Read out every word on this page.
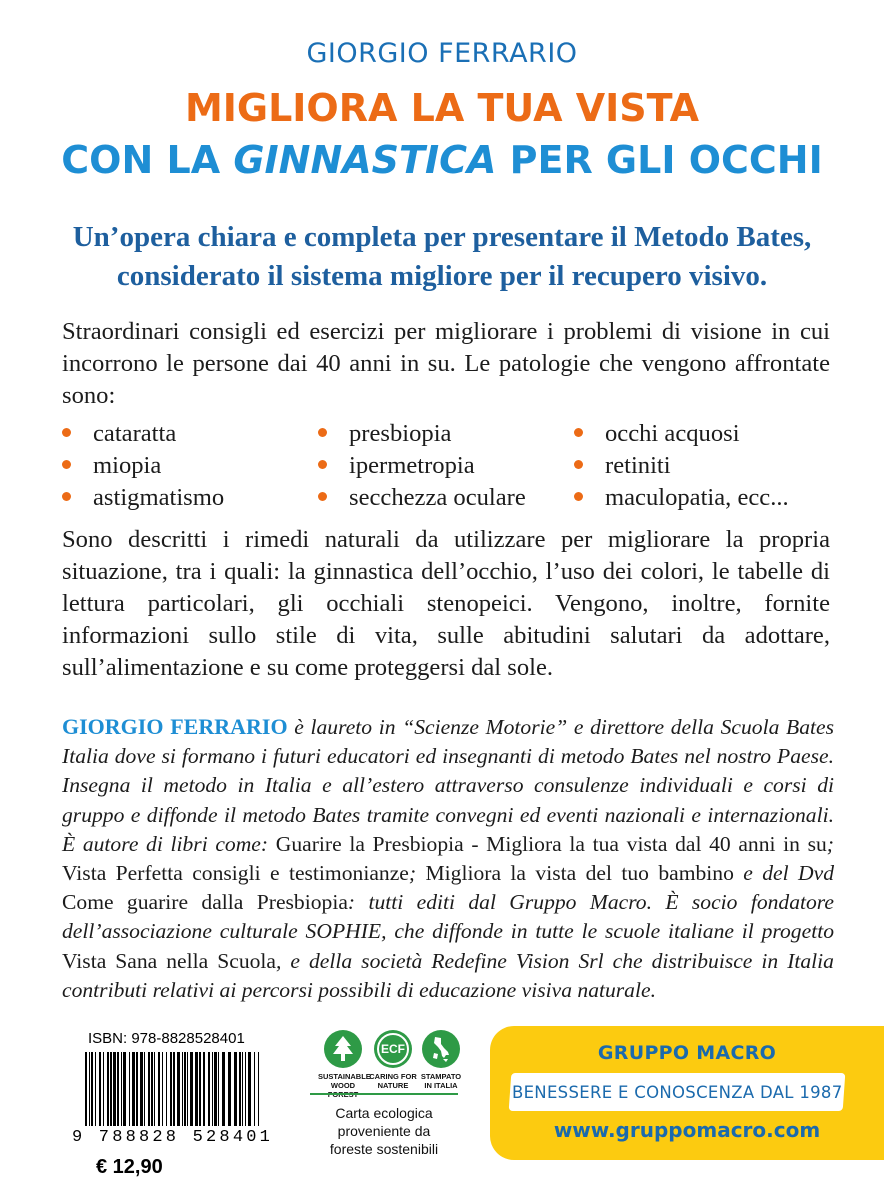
GIORGIO FERRARIO
MIGLIORA LA TUA VISTA
CON LA GINNASTICA PER GLI OCCHI
Un’opera chiara e completa per presentare il Metodo Bates,
considerato il sistema migliore per il recupero visivo.
Straordinari consigli ed esercizi per migliorare i problemi di visione in cui incorrono le persone dai 40 anni in su. Le patologie che vengono affrontate sono:
cataratta
miopia
astigmatismo
presbiopia
ipermetropia
secchezza oculare
occhi acquosi
retiniti
maculopatia, ecc...
Sono descritti i rimedi naturali da utilizzare per migliorare la propria situazione, tra i quali: la ginnastica dell’occhio, l’uso dei colori, le tabelle di lettura particolari, gli occhiali stenopeici. Vengono, inoltre, fornite informazioni sullo stile di vita, sulle abitudini salutari da adottare, sull’alimentazione e su come proteggersi dal sole.
GIORGIO FERRARIO è laureto in “Scienze Motorie” e direttore della Scuola Bates Italia dove si formano i futuri educatori ed insegnanti di metodo Bates nel nostro Paese. Insegna il metodo in Italia e all’estero attraverso consulenze individuali e corsi di gruppo e diffonde il metodo Bates tramite convegni ed eventi nazionali e internazionali. È autore di libri come: Guarire la Presbiopia - Migliora la tua vista dal 40 anni in su; Vista Perfetta consigli e testimonianze; Migliora la vista del tuo bambino e del Dvd Come guarire dalla Presbiopia: tutti editi dal Gruppo Macro. È socio fondatore dell’associazione culturale SOPHIE, che diffonde in tutte le scuole italiane il progetto Vista Sana nella Scuola, e della società Redefine Vision Srl che distribuisce in Italia contributi relativi ai percorsi possibili di educazione visiva naturale.
ISBN: 978-8828528401
9 788828 528401
€ 12,90
SUSTAINABLE
WOOD
ECF
CARING FOR
NATURE
STAMPATO
IN ITALIA
Carta ecologica
proveniente da
foreste sostenibili
GRUPPO MACRO
BENESSERE E CONOSCENZA DAL 1987
www.gruppomacro.com
